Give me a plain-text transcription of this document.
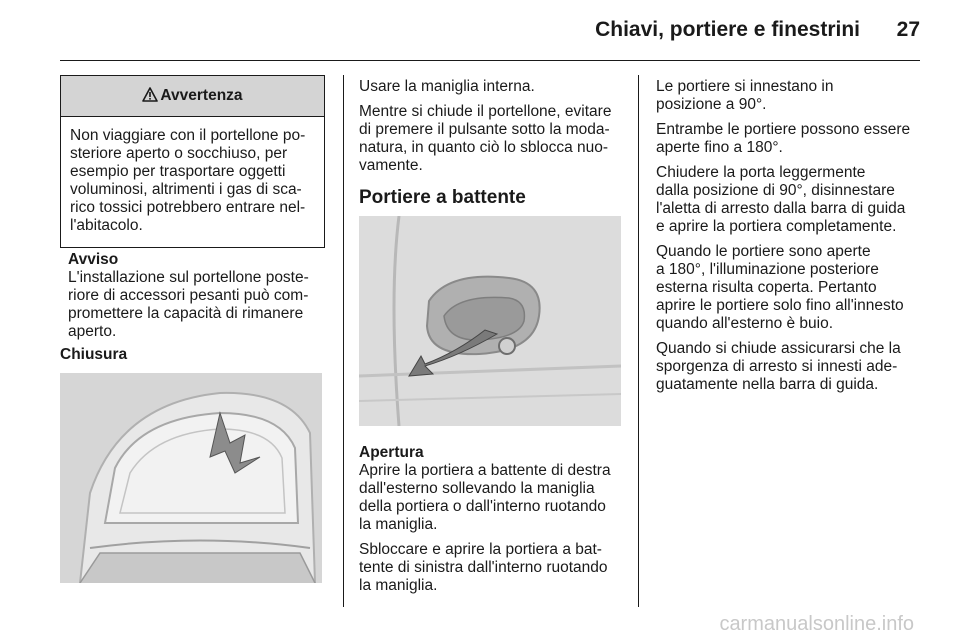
Chiavi, portiere e finestrini	27
Avvertenza
Non viaggiare con il portellone po-
steriore aperto o socchiuso, per
esempio per trasportare oggetti
voluminosi, altrimenti i gas di sca-
rico tossici potrebbero entrare nel-
l'abitacolo.
Avviso
L'installazione sul portellone poste-
riore di accessori pesanti può com-
promettere la capacità di rimanere
aperto.
Chiusura

Usare la maniglia interna.

Mentre si chiude il portellone, evitare
di premere il pulsante sotto la moda-
natura, in quanto ciò lo sblocca nuo-
vamente.

Portiere a battente
Apertura

Aprire la portiera a battente di destra
dall'esterno sollevando la maniglia
della portiera o dall'interno ruotando
la maniglia.

Sbloccare e aprire la portiera a bat-
tente di sinistra dall'interno ruotando
la maniglia.

Le portiere si innestano in
posizione a 90°.

Entrambe le portiere possono essere
aperte fino a 180°.

Chiudere la porta leggermente
dalla posizione di 90°, disinnestare
l'aletta di arresto dalla barra di guida
e aprire la portiera completamente.

Quando le portiere sono aperte
a 180°, l'illuminazione posteriore
esterna risulta coperta. Pertanto
aprire le portiere solo fino all'innesto
quando all'esterno è buio.

Quando si chiude assicurarsi che la
sporgenza di arresto si innesti ade-
guatamente nella barra di guida.

carmanualsonline.info
